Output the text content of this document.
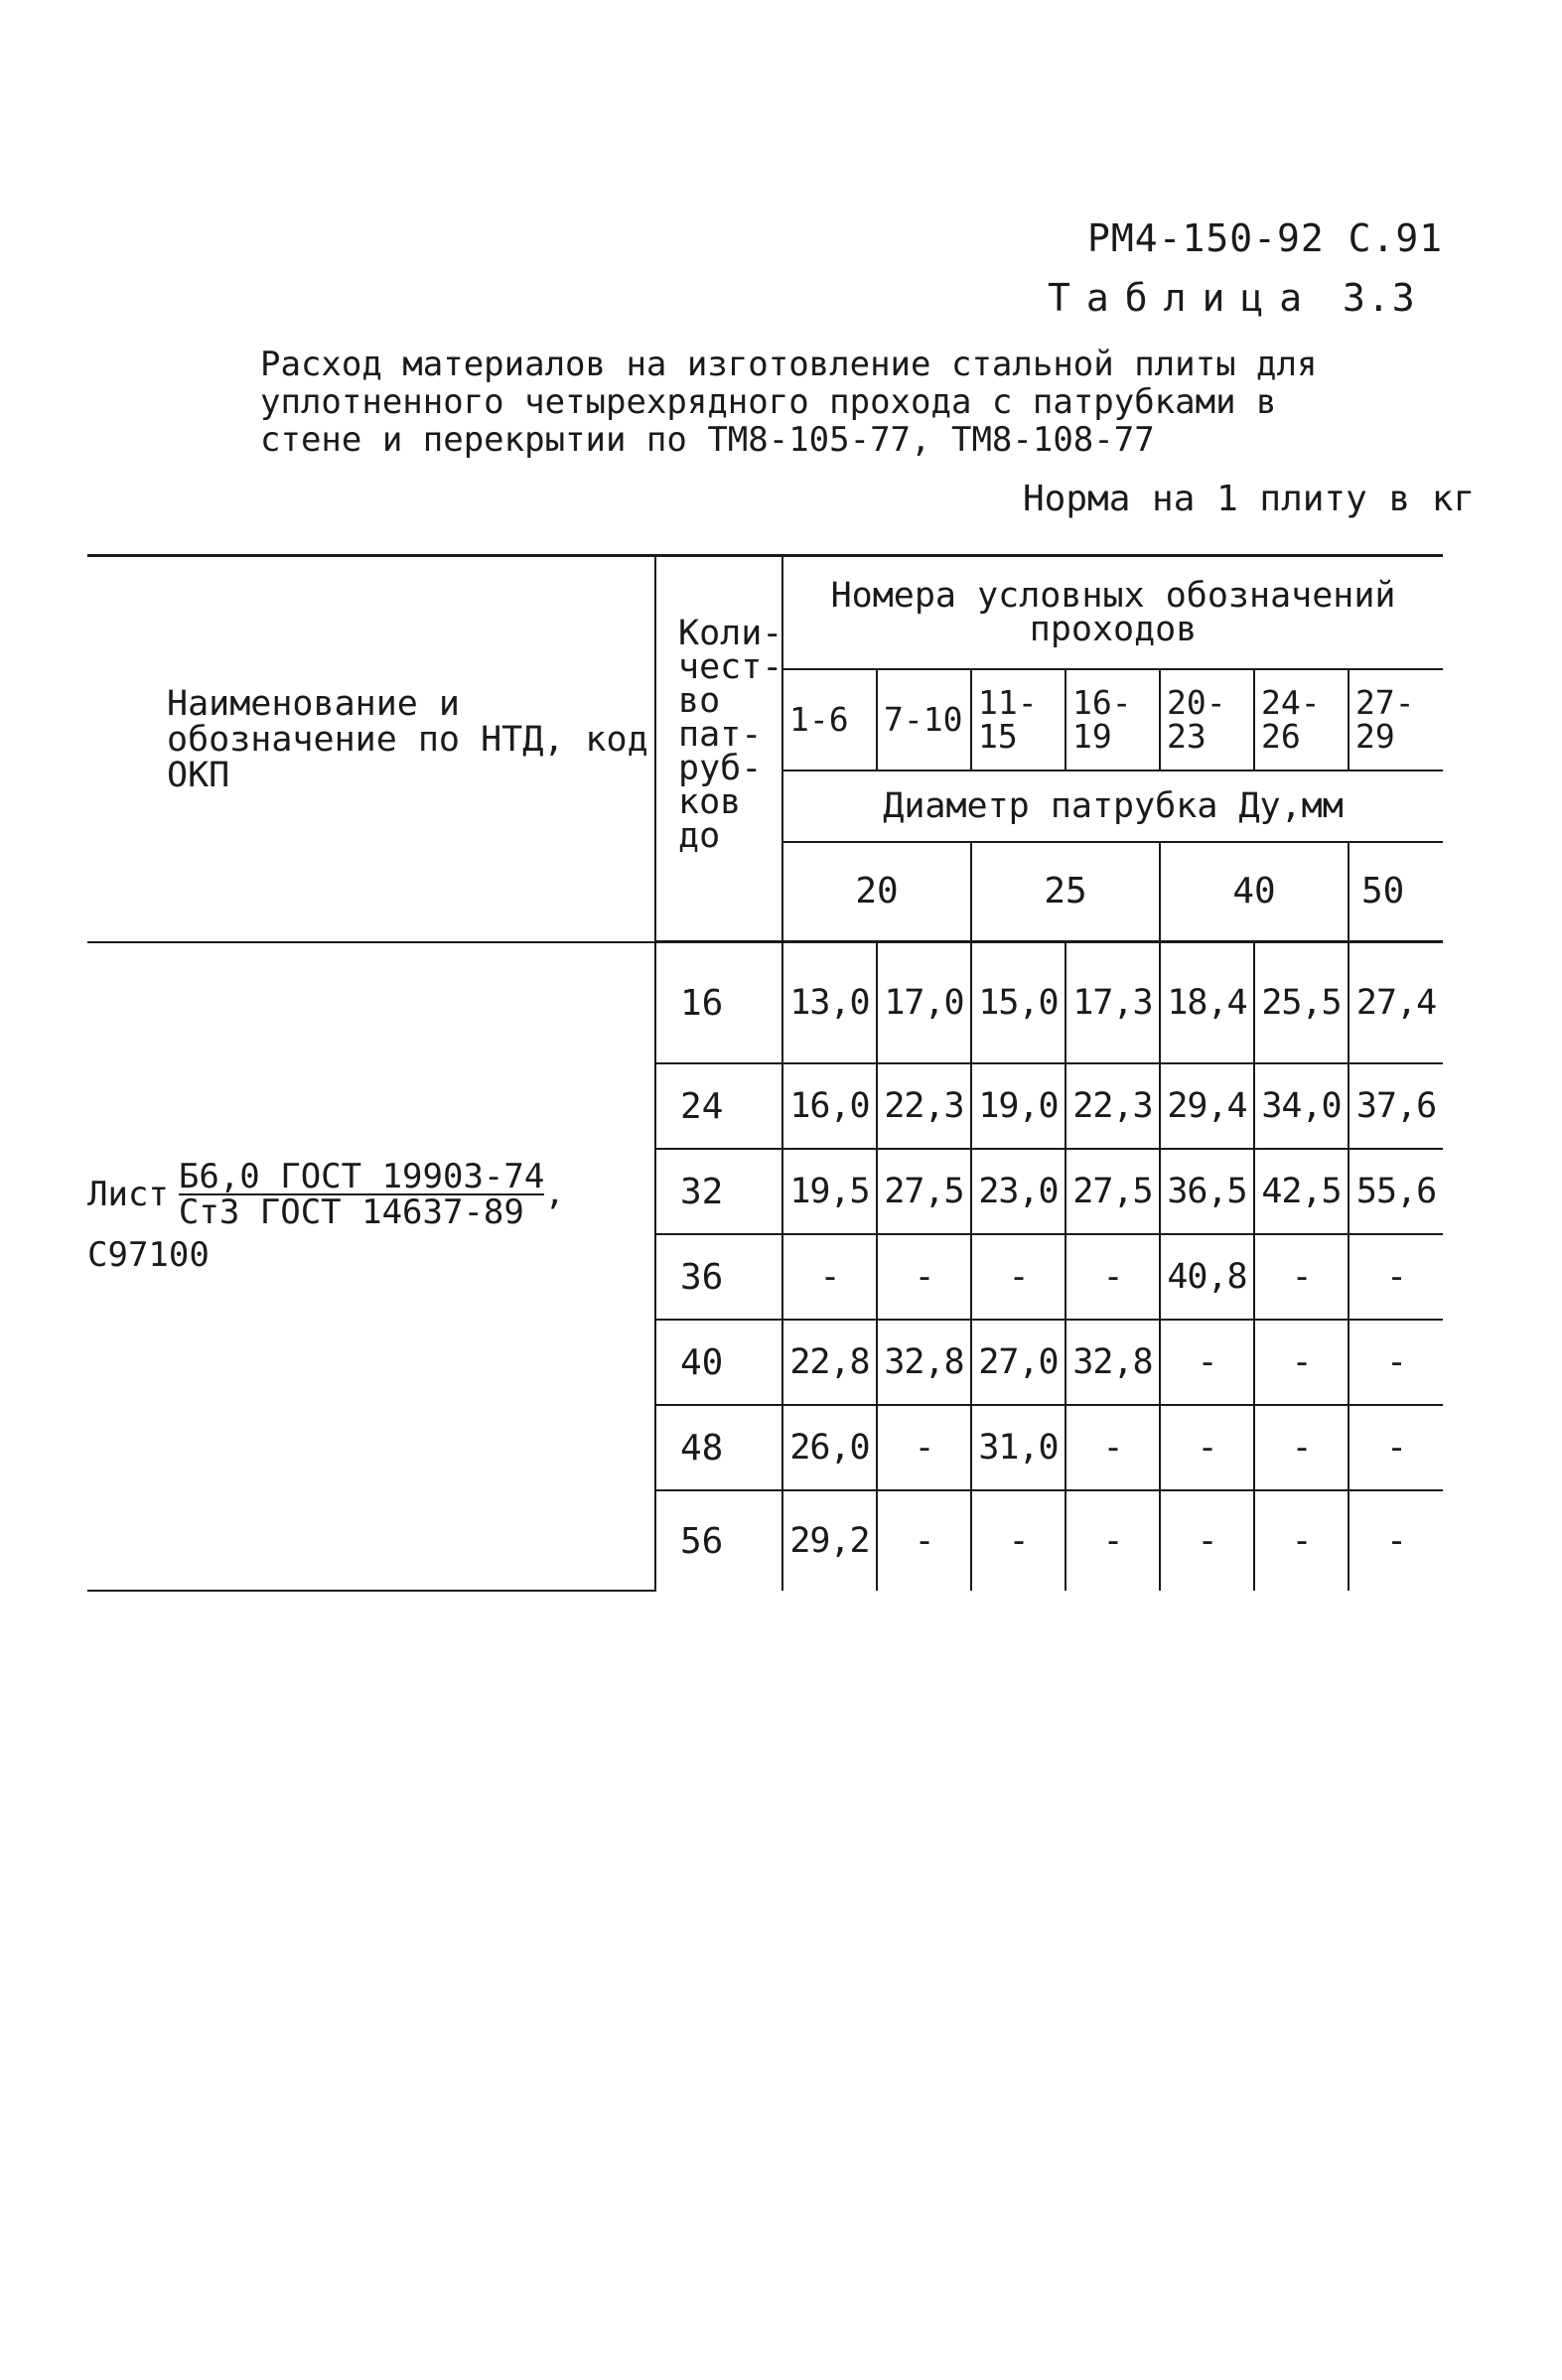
РМ4-150-92 С.91
Таблица 3.3
Расход материалов на изготовление стальной плиты для
уплотненного четырехрядного прохода с патрубками в
стене и перекрытии по ТМ8-105-77, ТМ8-108-77
Норма на 1 плиту в кг
Наименование и обозначение по НТД, код ОКП	Коли-чест-во пат-руб-ков до	Номера условных обозначений проходов						
		1-6	7-10	11-15	16-19	20-23	24-26	27-29
		Диаметр патрубка Ду,мм						
		20		25		40		50

Лист $\frac{\text{Б6,0 ГОСТ 19903-74}}{\text{Ст3 ГОСТ 14637-89}}$ ,
С97100	16	13,0	17,0	15,0	17,3	18,4	25,5	27,4
	24	16,0	22,3	19,0	22,3	29,4	34,0	37,6
	32	19,5	27,5	23,0	27,5	36,5	42,5	55,6
	36	-	-	-	-	40,8	-	-
	40	22,8	32,8	27,0	32,8	-	-	-
	48	26,0	-	31,0	-	-	-	-
	56	29,2	-	-	-	-	-	-
